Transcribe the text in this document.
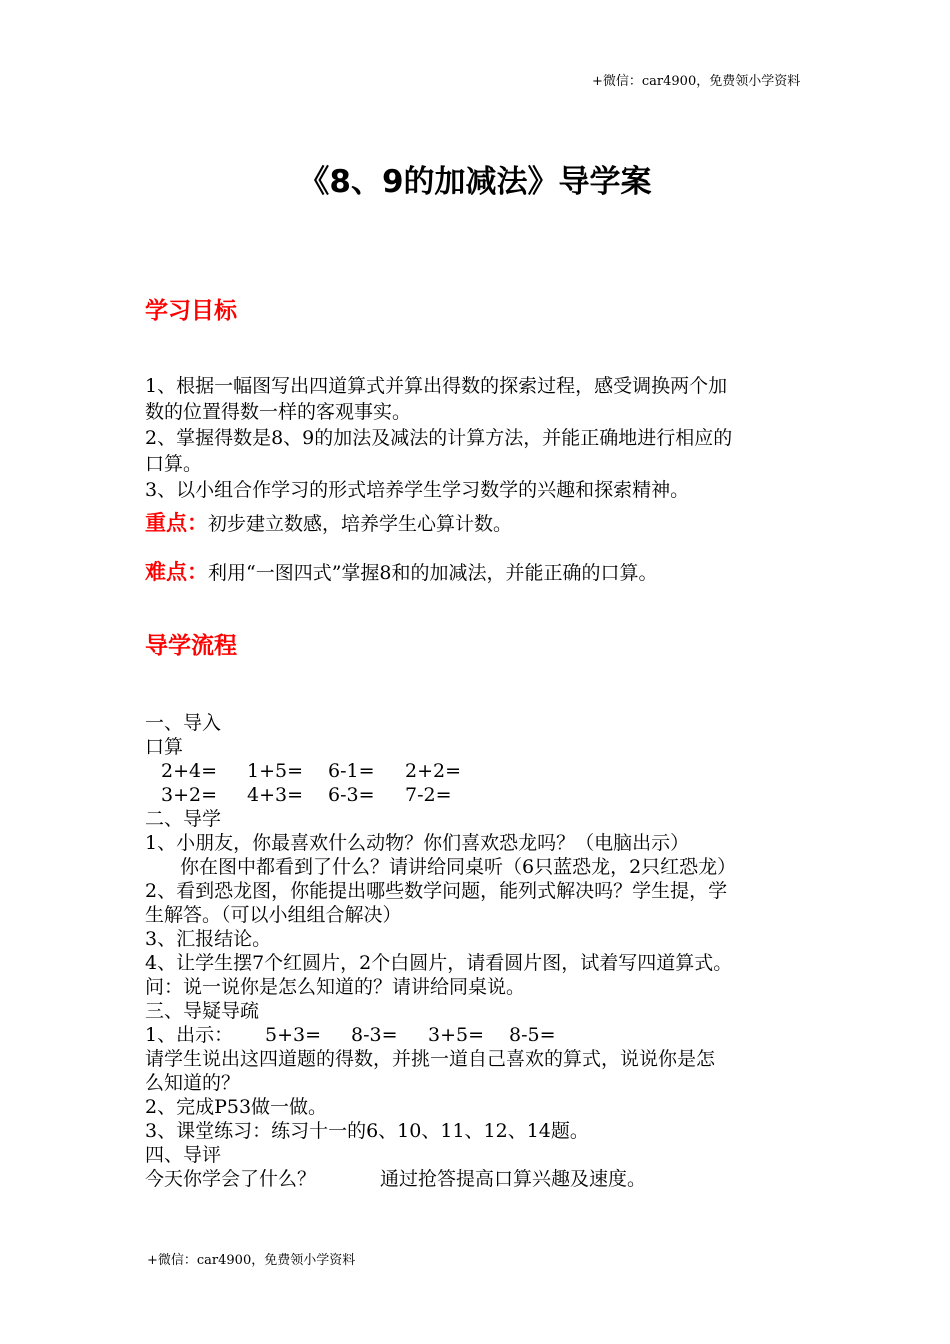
+微信：car4900，免费领小学资料
《8、9的加减法》导学案
学习目标
1、根据一幅图写出四道算式并算出得数的探索过程，感受调换两个加
数的位置得数一样的客观事实。
2、掌握得数是8、9的加法及减法的计算方法，并能正确地进行相应的
口算。
3、以小组合作学习的形式培养学生学习数学的兴趣和探索精神。
重点：初步建立数感，培养学生心算计数。
难点：利用“一图四式”掌握8和的加减法，并能正确的口算。
导学流程
一、导入
口算
2+4= 1+5= 6-1= 2+2=
3+2= 4+3= 6-3= 7-2=
二、导学
1、小朋友，你最喜欢什么动物？你们喜欢恐龙吗？（电脑出示）
你在图中都看到了什么？请讲给同桌听（6只蓝恐龙，2只红恐龙）
2、看到恐龙图，你能提出哪些数学问题，能列式解决吗？学生提，学
生解答。（可以小组组合解决）
3、汇报结论。
4、让学生摆7个红圆片，2个白圆片，请看圆片图，试着写四道算式。
问：说一说你是怎么知道的？请讲给同桌说。
三、导疑导疏
1、出示： 5+3= 8-3= 3+5= 8-5=
请学生说出这四道题的得数，并挑一道自己喜欢的算式，说说你是怎
么知道的？
2、完成P53做一做。
3、课堂练习：练习十一的6、10、11、12、14题。
四、导评
今天你学会了什么？	通过抢答提高口算兴趣及速度。
+微信：car4900，免费领小学资料
